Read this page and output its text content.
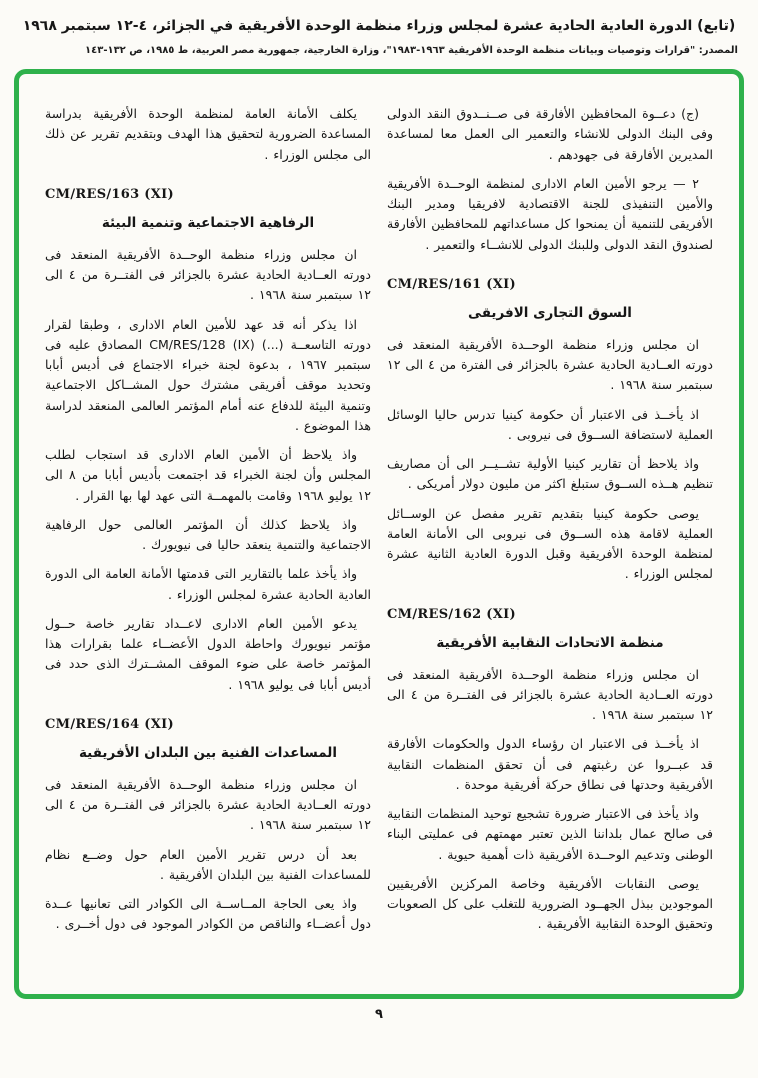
(تابع) الدورة العادية الحادية عشرة لمجلس وزراء منظمة الوحدة الأفريقية في الجزائر، ٤-١٢ سبتمبر ١٩٦٨
المصدر: "قرارات وتوصيات وبيانات منظمة الوحدة الأفريقية ١٩٦٣-١٩٨٣"، وزارة الخارجية، جمهورية مصر العربية، ط ١٩٨٥، ص ١٣٢-١٤٣

(ج) دعــوة المحافظين الأفارقة فى صــنــدوق النقد الدولى وفى البنك الدولى للانشاء والتعمير الى العمل معا لمساعدة المديرين الأفارقة فى جهودهم .

٢ — يرجو الأمين العام الادارى لمنظمة الوحــدة الأفريقية والأمين التنفيذى للجنة الاقتصادية لافريقيا ومدير البنك الأفريقى للتنمية أن يمنحوا كل مساعداتهم للمحافظين الأفارقة لصندوق النقد الدولى وللبنك الدولى للانشــاء والتعمير .

CM/RES/161 (XI)
السوق التجارى الافريقى

ان مجلس وزراء منظمة الوحــدة الأفريقية المنعقد فى دورته العــادية الحادية عشرة بالجزائر فى الفترة من ٤ الى ١٢ سبتمبر سنة ١٩٦٨ .

اذ يأخــذ فى الاعتبار أن حكومة كينيا تدرس حاليا الوسائل العملية لاستضافة الســوق فى نيروبى .

واذ يلاحظ أن تقارير كينيا الأولية تشــيــر الى أن مصاريف تنظيم هــذه الســوق ستبلغ اكثر من مليون دولار أمريكى .

يوصى حكومة كينيا بتقديم تقرير مفصل عن الوســائل العملية لاقامة هذه الســوق فى نيروبى الى الأمانة العامة لمنظمة الوحدة الأفريقية وقبل الدورة العادية الثانية عشرة لمجلس الوزراء .

CM/RES/162 (XI)
منظمة الاتحادات النقابية الأفريقية

ان مجلس وزراء منظمة الوحــدة الأفريقية المنعقد فى دورته العــادية الحادية عشرة بالجزائر فى الفتــرة من ٤ الى ١٢ سبتمبر سنة ١٩٦٨ .

اذ يأخــذ فى الاعتبار ان رؤساء الدول والحكومات الأفارقة قد عبــروا عن رغبتهم فى أن تحقق المنظمات النقابية الأفريقية وحدتها فى نطاق حركة أفريقية موحدة .

واذ يأخذ فى الاعتبار ضرورة تشجيع توحيد المنظمات النقابية فى صالح عمال بلداننا الذين تعتبر مهمتهم فى عمليتى البناء الوطنى وتدعيم الوحــدة الأفريقية ذات أهمية حيوية .

يوصى النقابات الأفريقية وخاصة المركزين الأفريقيين الموجودين ببذل الجهــود الضرورية للتغلب على كل الصعوبات وتحقيق الوحدة النقابية الأفريقية .

يكلف الأمانة العامة لمنظمة الوحدة الأفريقية بدراسة المساعدة الضرورية لتحقيق هذا الهدف وبتقديم تقرير عن ذلك الى مجلس الوزراء .

CM/RES/163 (XI)
الرفاهية الاجتماعية وتنمية البيئة

ان مجلس وزراء منظمة الوحــدة الأفريقية المنعقد فى دورته العــادية الحادية عشرة بالجزائر فى الفتــرة من ٤ الى ١٢ سبتمبر سنة ١٩٦٨ .

اذا يذكر أنه قد عهد للأمين العام الادارى ، وطبقا لقرار دورته التاسعــة (...) CM/RES/128 (IX) المصادق عليه فى سبتمبر ١٩٦٧ ، بدعوة لجنة خبراء الاجتماع فى أديس أبابا وتحديد موقف أفريقى مشترك حول المشــاكل الاجتماعية وتنمية البيئة للدفاع عنه أمام المؤتمر العالمى المنعقد لدراسة هذا الموضوع .

واذ يلاحظ أن الأمين العام الادارى قد استجاب لطلب المجلس وأن لجنة الخبراء قد اجتمعت بأديس أبابا من ٨ الى ١٢ يوليو ١٩٦٨ وقامت بالمهمــة التى عهد لها بها القرار .

واذ يلاحظ كذلك أن المؤتمر العالمى حول الرفاهية الاجتماعية والتنمية ينعقد حاليا فى نيويورك .

واذ يأخذ علما بالتقارير التى قدمتها الأمانة العامة الى الدورة العادية الحادية عشرة لمجلس الوزراء .

يدعو الأمين العام الادارى لاعــداد تقارير خاصة حــول مؤتمر نيويورك واحاطة الدول الأعضــاء علما بقرارات هذا المؤتمر خاصة على ضوء الموقف المشــترك الذى حدد فى أديس أبابا فى يوليو ١٩٦٨ .

CM/RES/164 (XI)
المساعدات الفنية بين البلدان الأفريقية

ان مجلس وزراء منظمة الوحــدة الأفريقية المنعقد فى دورته العــادية الحادية عشرة بالجزائر فى الفتــرة من ٤ الى ١٢ سبتمبر سنة ١٩٦٨ .

بعد أن درس تقرير الأمين العام حول وضــع نظام للمساعدات الفنية بين البلدان الأفريقية .

واذ يعى الحاجة المــاســة الى الكوادر التى تعانيها عــدة دول أعضــاء والناقص من الكوادر الموجود فى دول أخــرى .

٩
